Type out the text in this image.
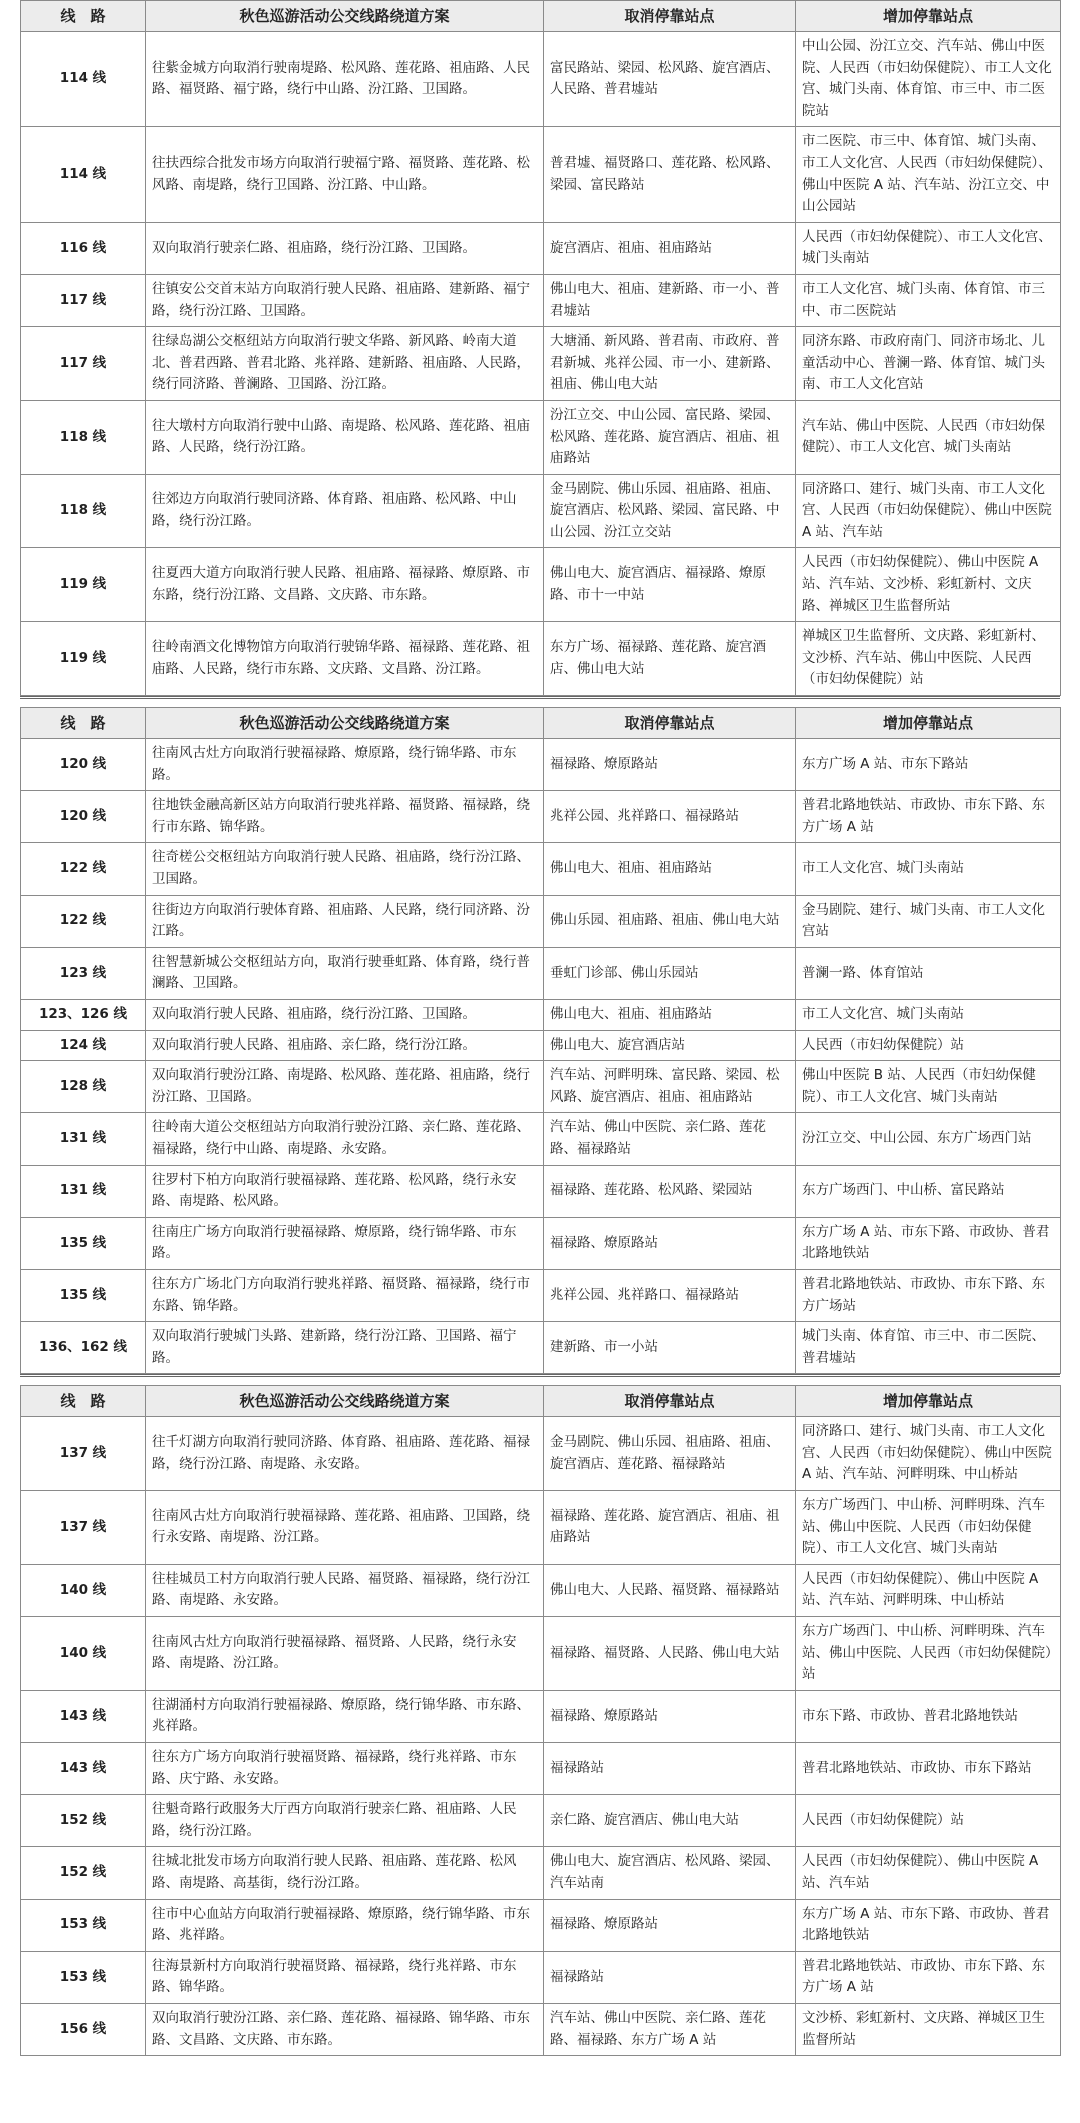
线　路	秋色巡游活动公交线路绕道方案	取消停靠站点	增加停靠站点
114 线	往紫金城方向取消行驶南堤路、松风路、莲花路、祖庙路、人民路、福贤路、福宁路，绕行中山路、汾江路、卫国路。	富民路站、梁园、松风路、旋宫酒店、人民路、普君墟站	中山公园、汾江立交、汽车站、佛山中医院、人民西（市妇幼保健院）、市工人文化宫、城门头南、体育馆、市三中、市二医院站
114 线	往扶西综合批发市场方向取消行驶福宁路、福贤路、莲花路、松风路、南堤路，绕行卫国路、汾江路、中山路。	普君墟、福贤路口、莲花路、松风路、梁园、富民路站	市二医院、市三中、体育馆、城门头南、市工人文化宫、人民西（市妇幼保健院）、佛山中医院 A 站、汽车站、汾江立交、中山公园站
116 线	双向取消行驶亲仁路、祖庙路，绕行汾江路、卫国路。	旋宫酒店、祖庙、祖庙路站	人民西（市妇幼保健院）、市工人文化宫、城门头南站
117 线	往镇安公交首末站方向取消行驶人民路、祖庙路、建新路、福宁路，绕行汾江路、卫国路。	佛山电大、祖庙、建新路、市一小、普君墟站	市工人文化宫、城门头南、体育馆、市三中、市二医院站
117 线	往绿岛湖公交枢纽站方向取消行驶文华路、新风路、岭南大道北、普君西路、普君北路、兆祥路、建新路、祖庙路、人民路，绕行同济路、普澜路、卫国路、汾江路。	大塘涌、新风路、普君南、市政府、普君新城、兆祥公园、市一小、建新路、祖庙、佛山电大站	同济东路、市政府南门、同济市场北、儿童活动中心、普澜一路、体育馆、城门头南、市工人文化宫站
118 线	往大墩村方向取消行驶中山路、南堤路、松风路、莲花路、祖庙路、人民路，绕行汾江路。	汾江立交、中山公园、富民路、梁园、松风路、莲花路、旋宫酒店、祖庙、祖庙路站	汽车站、佛山中医院、人民西（市妇幼保健院）、市工人文化宫、城门头南站
118 线	往郊边方向取消行驶同济路、体育路、祖庙路、松风路、中山路，绕行汾江路。	金马剧院、佛山乐园、祖庙路、祖庙、旋宫酒店、松风路、梁园、富民路、中山公园、汾江立交站	同济路口、建行、城门头南、市工人文化宫、人民西（市妇幼保健院）、佛山中医院 A 站、汽车站
119 线	往夏西大道方向取消行驶人民路、祖庙路、福禄路、燎原路、市东路，绕行汾江路、文昌路、文庆路、市东路。	佛山电大、旋宫酒店、福禄路、燎原路、市十一中站	人民西（市妇幼保健院）、佛山中医院 A 站、汽车站、文沙桥、彩虹新村、文庆路、禅城区卫生监督所站
119 线	往岭南酒文化博物馆方向取消行驶锦华路、福禄路、莲花路、祖庙路、人民路，绕行市东路、文庆路、文昌路、汾江路。	东方广场、福禄路、莲花路、旋宫酒店、佛山电大站	禅城区卫生监督所、文庆路、彩虹新村、文沙桥、汽车站、佛山中医院、人民西（市妇幼保健院）站
线　路	秋色巡游活动公交线路绕道方案	取消停靠站点	增加停靠站点
120 线	往南风古灶方向取消行驶福禄路、燎原路，绕行锦华路、市东路。	福禄路、燎原路站	东方广场 A 站、市东下路站
120 线	往地铁金融高新区站方向取消行驶兆祥路、福贤路、福禄路，绕行市东路、锦华路。	兆祥公园、兆祥路口、福禄路站	普君北路地铁站、市政协、市东下路、东方广场 A 站
122 线	往奇槎公交枢纽站方向取消行驶人民路、祖庙路，绕行汾江路、卫国路。	佛山电大、祖庙、祖庙路站	市工人文化宫、城门头南站
122 线	往街边方向取消行驶体育路、祖庙路、人民路，绕行同济路、汾江路。	佛山乐园、祖庙路、祖庙、佛山电大站	金马剧院、建行、城门头南、市工人文化宫站
123 线	往智慧新城公交枢纽站方向，取消行驶垂虹路、体育路，绕行普澜路、卫国路。	垂虹门诊部、佛山乐园站	普澜一路、体育馆站
123、126 线	双向取消行驶人民路、祖庙路，绕行汾江路、卫国路。	佛山电大、祖庙、祖庙路站	市工人文化宫、城门头南站
124 线	双向取消行驶人民路、祖庙路、亲仁路，绕行汾江路。	佛山电大、旋宫酒店站	人民西（市妇幼保健院）站
128 线	双向取消行驶汾江路、南堤路、松风路、莲花路、祖庙路，绕行汾江路、卫国路。	汽车站、河畔明珠、富民路、梁园、松风路、旋宫酒店、祖庙、祖庙路站	佛山中医院 B 站、人民西（市妇幼保健院）、市工人文化宫、城门头南站
131 线	往岭南大道公交枢纽站方向取消行驶汾江路、亲仁路、莲花路、福禄路，绕行中山路、南堤路、永安路。	汽车站、佛山中医院、亲仁路、莲花路、福禄路站	汾江立交、中山公园、东方广场西门站
131 线	往罗村下柏方向取消行驶福禄路、莲花路、松风路，绕行永安路、南堤路、松风路。	福禄路、莲花路、松风路、梁园站	东方广场西门、中山桥、富民路站
135 线	往南庄广场方向取消行驶福禄路、燎原路，绕行锦华路、市东路。	福禄路、燎原路站	东方广场 A 站、市东下路、市政协、普君北路地铁站
135 线	往东方广场北门方向取消行驶兆祥路、福贤路、福禄路，绕行市东路、锦华路。	兆祥公园、兆祥路口、福禄路站	普君北路地铁站、市政协、市东下路、东方广场站
136、162 线	双向取消行驶城门头路、建新路，绕行汾江路、卫国路、福宁路。	建新路、市一小站	城门头南、体育馆、市三中、市二医院、普君墟站
线　路	秋色巡游活动公交线路绕道方案	取消停靠站点	增加停靠站点
137 线	往千灯湖方向取消行驶同济路、体育路、祖庙路、莲花路、福禄路，绕行汾江路、南堤路、永安路。	金马剧院、佛山乐园、祖庙路、祖庙、旋宫酒店、莲花路、福禄路站	同济路口、建行、城门头南、市工人文化宫、人民西（市妇幼保健院）、佛山中医院 A 站、汽车站、河畔明珠、中山桥站
137 线	往南风古灶方向取消行驶福禄路、莲花路、祖庙路、卫国路，绕行永安路、南堤路、汾江路。	福禄路、莲花路、旋宫酒店、祖庙、祖庙路站	东方广场西门、中山桥、河畔明珠、汽车站、佛山中医院、人民西（市妇幼保健院）、市工人文化宫、城门头南站
140 线	往桂城员工村方向取消行驶人民路、福贤路、福禄路，绕行汾江路、南堤路、永安路。	佛山电大、人民路、福贤路、福禄路站	人民西（市妇幼保健院）、佛山中医院 A 站、汽车站、河畔明珠、中山桥站
140 线	往南风古灶方向取消行驶福禄路、福贤路、人民路，绕行永安路、南堤路、汾江路。	福禄路、福贤路、人民路、佛山电大站	东方广场西门、中山桥、河畔明珠、汽车站、佛山中医院、人民西（市妇幼保健院）站
143 线	往湖涌村方向取消行驶福禄路、燎原路，绕行锦华路、市东路、兆祥路。	福禄路、燎原路站	市东下路、市政协、普君北路地铁站
143 线	往东方广场方向取消行驶福贤路、福禄路，绕行兆祥路、市东路、庆宁路、永安路。	福禄路站	普君北路地铁站、市政协、市东下路站
152 线	往魁奇路行政服务大厅西方向取消行驶亲仁路、祖庙路、人民路，绕行汾江路。	亲仁路、旋宫酒店、佛山电大站	人民西（市妇幼保健院）站
152 线	往城北批发市场方向取消行驶人民路、祖庙路、莲花路、松风路、南堤路、高基街，绕行汾江路。	佛山电大、旋宫酒店、松风路、梁园、汽车站南	人民西（市妇幼保健院）、佛山中医院 A 站、汽车站
153 线	往市中心血站方向取消行驶福禄路、燎原路，绕行锦华路、市东路、兆祥路。	福禄路、燎原路站	东方广场 A 站、市东下路、市政协、普君北路地铁站
153 线	往海景新村方向取消行驶福贤路、福禄路，绕行兆祥路、市东路、锦华路。	福禄路站	普君北路地铁站、市政协、市东下路、东方广场 A 站
156 线	双向取消行驶汾江路、亲仁路、莲花路、福禄路、锦华路、市东路、文昌路、文庆路、市东路。	汽车站、佛山中医院、亲仁路、莲花路、福禄路、东方广场 A 站	文沙桥、彩虹新村、文庆路、禅城区卫生监督所站
